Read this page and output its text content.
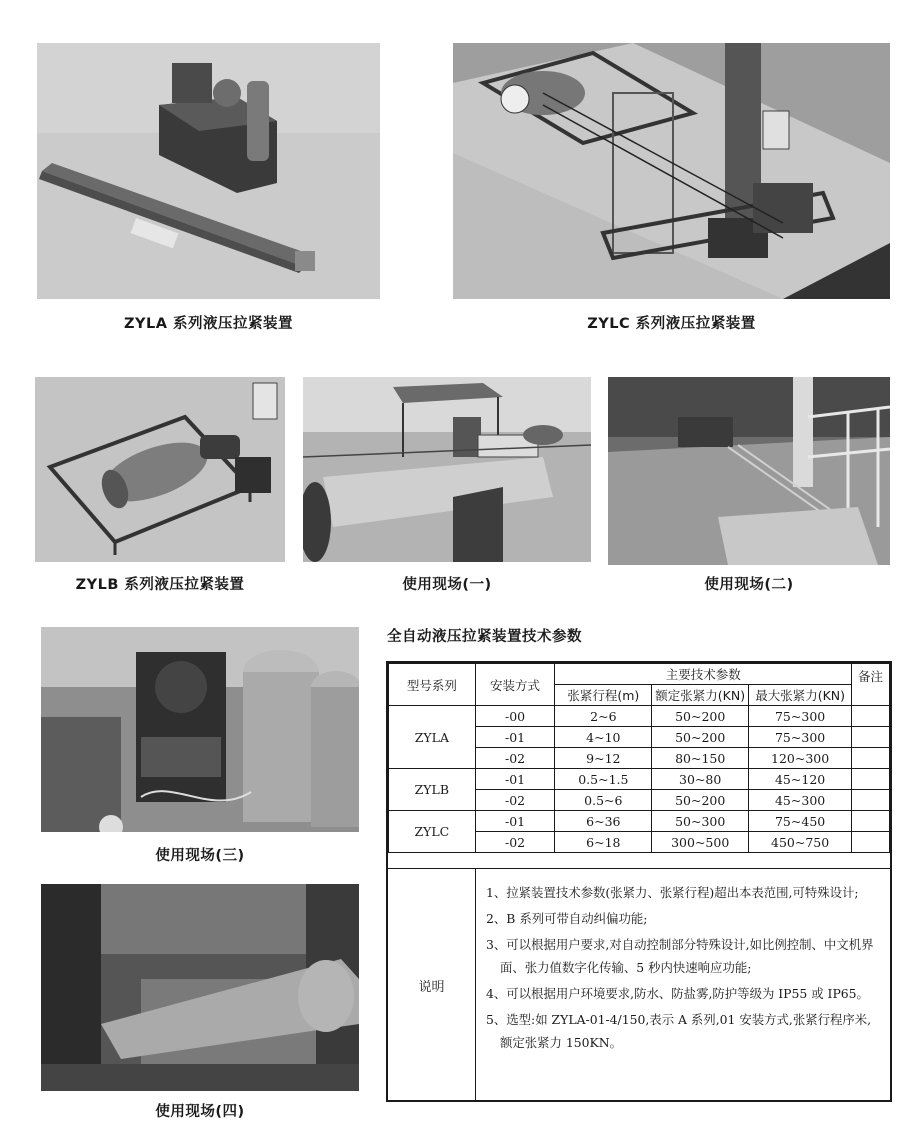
ZYLA 系列液压拉紧装置	ZYLC 系列液压拉紧装置
ZYLB 系列液压拉紧装置	使用现场(一)	使用现场(二)
使用现场(三)
使用现场(四)
全自动液压拉紧装置技术参数
型号系列	安装方式	主要技术参数			备注
		张紧行程(m)	额定张紧力(KN)	最大张紧力(KN)	
ZYLA	-00	2~6	50~200	75~300	
	-01	4~10	50~200	75~300	
	-02	9~12	80~150	120~300	
ZYLB	-01	0.5~1.5	30~80	45~120	
	-02	0.5~6	50~200	45~300	
ZYLC	-01	6~36	50~300	75~450	
	-02	6~18	300~500	450~750	
说明
1、拉紧装置技术参数(张紧力、张紧行程)超出本表范围,可特殊设计;
2、B 系列可带自动纠偏功能;
3、可以根据用户要求,对自动控制部分特殊设计,如比例控制、中文机界面、张力值数字化传输、5 秒内快速响应功能;
4、可以根据用户环境要求,防水、防盐雾,防护等级为 IP55 或 IP65。
5、选型:如 ZYLA-01-4/150,表示 A 系列,01 安装方式,张紧行程序米,额定张紧力 150KN。
